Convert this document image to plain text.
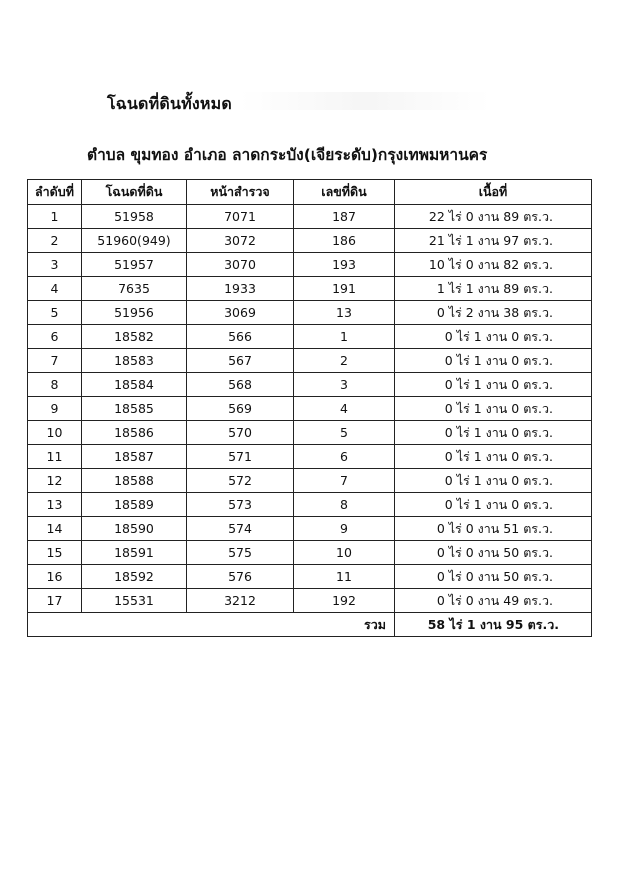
โฉนดที่ดินทั้งหมด
ตำบล ขุมทอง อำเภอ ลาดกระบัง(เจียระดับ)กรุงเทพมหานคร
ลำดับที่	โฉนดที่ดิน	หน้าสำรวจ	เลขที่ดิน	เนื้อที่
1	51958	7071	187	22 ไร่ 0 งาน 89 ตร.ว.
2	51960(949)	3072	186	21 ไร่ 1 งาน 97 ตร.ว.
3	51957	3070	193	10 ไร่ 0 งาน 82 ตร.ว.
4	7635	1933	191	1 ไร่ 1 งาน 89 ตร.ว.
5	51956	3069	13	0 ไร่ 2 งาน 38 ตร.ว.
6	18582	566	1	0 ไร่ 1 งาน 0 ตร.ว.
7	18583	567	2	0 ไร่ 1 งาน 0 ตร.ว.
8	18584	568	3	0 ไร่ 1 งาน 0 ตร.ว.
9	18585	569	4	0 ไร่ 1 งาน 0 ตร.ว.
10	18586	570	5	0 ไร่ 1 งาน 0 ตร.ว.
11	18587	571	6	0 ไร่ 1 งาน 0 ตร.ว.
12	18588	572	7	0 ไร่ 1 งาน 0 ตร.ว.
13	18589	573	8	0 ไร่ 1 งาน 0 ตร.ว.
14	18590	574	9	0 ไร่ 0 งาน 51 ตร.ว.
15	18591	575	10	0 ไร่ 0 งาน 50 ตร.ว.
16	18592	576	11	0 ไร่ 0 งาน 50 ตร.ว.
17	15531	3212	192	0 ไร่ 0 งาน 49 ตร.ว.
			รวม	58 ไร่ 1 งาน 95 ตร.ว.
